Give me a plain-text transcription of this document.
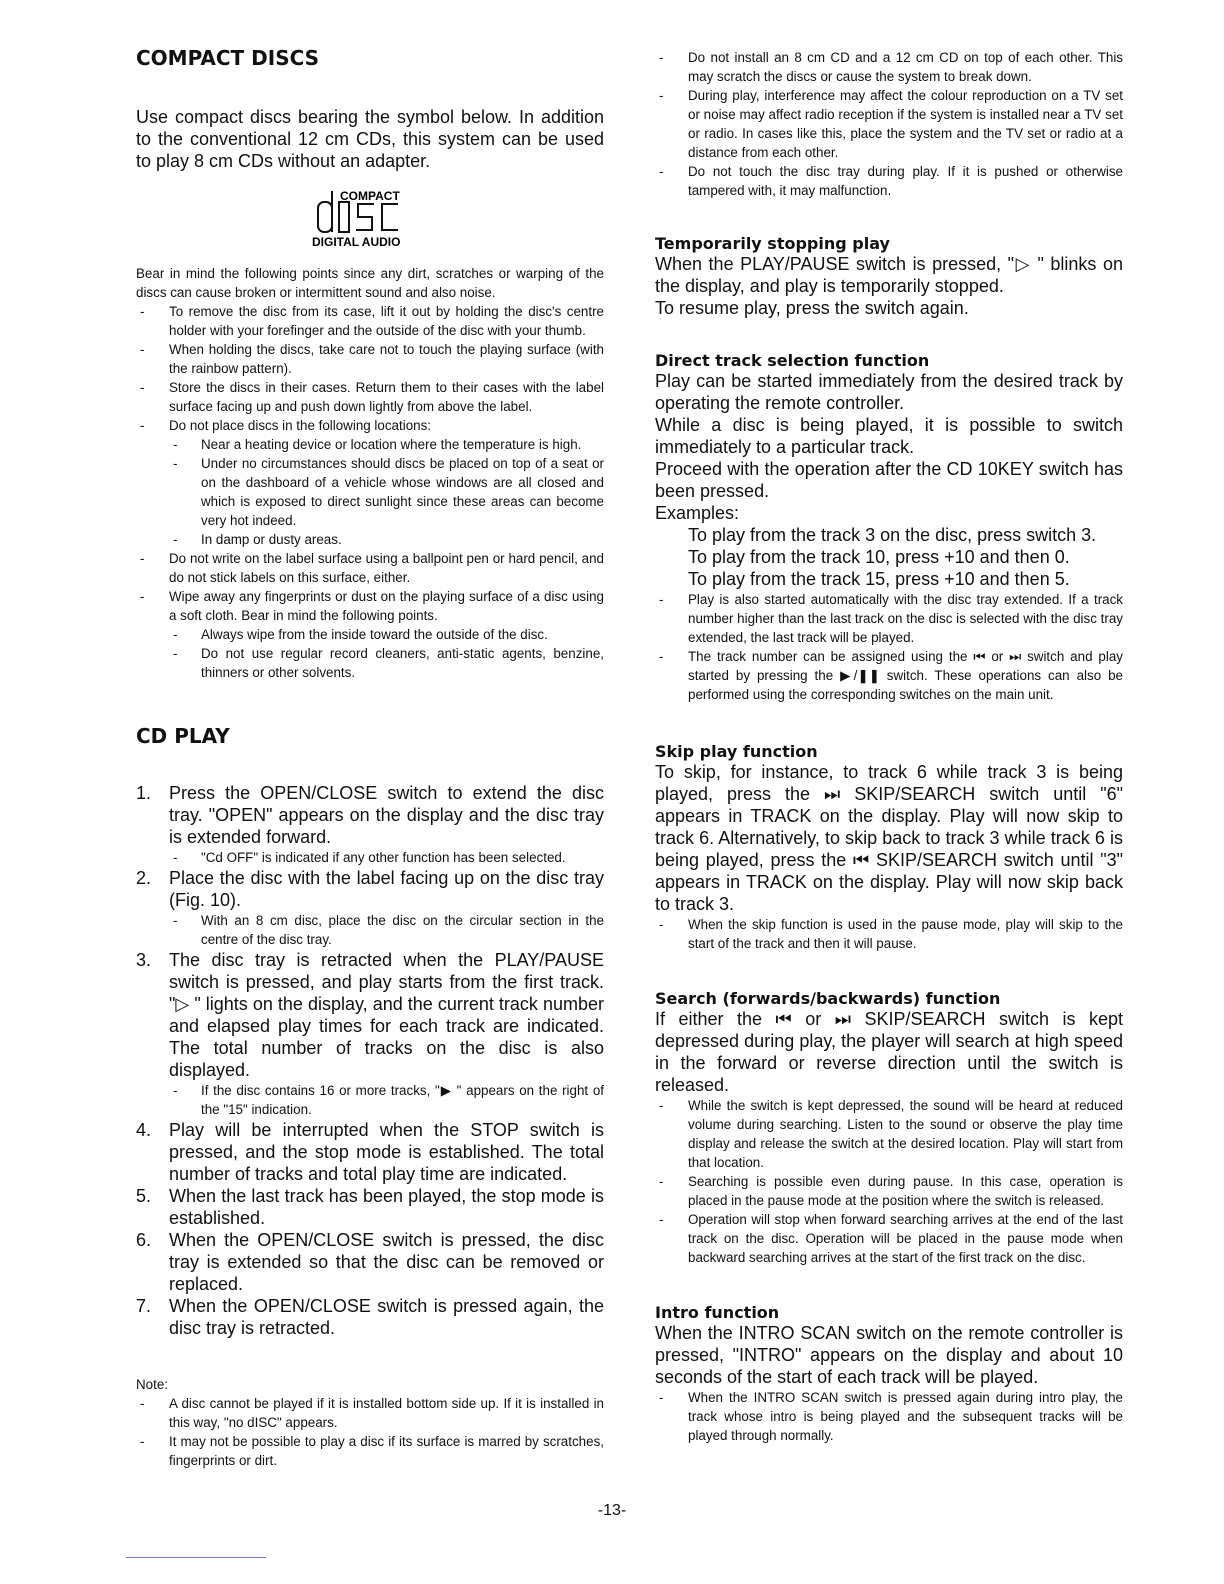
COMPACT DISCS

Use compact discs bearing the symbol below. In addition to the conventional 12 cm CDs, this system can be used to play 8 cm CDs without an adapter.

COMPACT
DIGITAL AUDIO

Bear in mind the following points since any dirt, scratches or warping of the discs can cause broken or intermittent sound and also noise.

- To remove the disc from its case, lift it out by holding the disc's centre holder with your forefinger and the outside of the disc with your thumb.
- When holding the discs, take care not to touch the playing surface (with the rainbow pattern).
- Store the discs in their cases. Return them to their cases with the label surface facing up and push down lightly from above the label.
- Do not place discs in the following locations:
- Near a heating device or location where the temperature is high.
- Under no circumstances should discs be placed on top of a seat or on the dashboard of a vehicle whose windows are all closed and which is exposed to direct sunlight since these areas can become very hot indeed.
- In damp or dusty areas.
- Do not write on the label surface using a ballpoint pen or hard pencil, and do not stick labels on this surface, either.
- Wipe away any fingerprints or dust on the playing surface of a disc using a soft cloth. Bear in mind the following points.
- Always wipe from the inside toward the outside of the disc.
- Do not use regular record cleaners, anti-static agents, benzine, thinners or other solvents.
CD PLAY
1. Press the OPEN/CLOSE switch to extend the disc tray. "OPEN" appears on the display and the disc tray is extended forward.
- "Cd OFF" is indicated if any other function has been selected.
2. Place the disc with the label facing up on the disc tray (Fig. 10).
- With an 8 cm disc, place the disc on the circular section in the centre of the disc tray.
3. The disc tray is retracted when the PLAY/PAUSE switch is pressed, and play starts from the first track. "▷ " lights on the display, and the current track number and elapsed play times for each track are indicated. The total number of tracks on the disc is also displayed.
- If the disc contains 16 or more tracks, "▶ " appears on the right of the "15" indication.
4. Play will be interrupted when the STOP switch is pressed, and the stop mode is established. The total number of tracks and total play time are indicated.
5. When the last track has been played, the stop mode is established.
6. When the OPEN/CLOSE switch is pressed, the disc tray is extended so that the disc can be removed or replaced.
7. When the OPEN/CLOSE switch is pressed again, the disc tray is retracted.

Note:

- A disc cannot be played if it is installed bottom side up. If it is installed in this way, "no dISC" appears.
- It may not be possible to play a disc if its surface is marred by scratches, fingerprints or dirt.
- Do not install an 8 cm CD and a 12 cm CD on top of each other. This may scratch the discs or cause the system to break down.
- During play, interference may affect the colour reproduction on a TV set or noise may affect radio reception if the system is installed near a TV set or radio. In cases like this, place the system and the TV set or radio at a distance from each other.
- Do not touch the disc tray during play. If it is pushed or otherwise tampered with, it may malfunction.
Temporarily stopping play

When the PLAY/PAUSE switch is pressed, "▷ " blinks on the display, and play is temporarily stopped.

To resume play, press the switch again.

Direct track selection function

Play can be started immediately from the desired track by operating the remote controller.

While a disc is being played, it is possible to switch immediately to a particular track.

Proceed with the operation after the CD 10KEY switch has been pressed.

Examples:

To play from the track 3 on the disc, press switch 3.
To play from the track 10, press +10 and then 0.
To play from the track 15, press +10 and then 5.
- Play is also started automatically with the disc tray extended. If a track number higher than the last track on the disc is selected with the disc tray extended, the last track will be played.
- The track number can be assigned using the ⏮ or ⏭ switch and play started by pressing the ▶/❚❚ switch. These operations can also be performed using the corresponding switches on the main unit.
Skip play function

To skip, for instance, to track 6 while track 3 is being played, press the ⏭ SKIP/SEARCH switch until "6" appears in TRACK on the display. Play will now skip to track 6. Alternatively, to skip back to track 3 while track 6 is being played, press the ⏮ SKIP/SEARCH switch until "3" appears in TRACK on the display. Play will now skip back to track 3.

- When the skip function is used in the pause mode, play will skip to the start of the track and then it will pause.
Search (forwards/backwards) function

If either the ⏮ or ⏭ SKIP/SEARCH switch is kept depressed during play, the player will search at high speed in the forward or reverse direction until the switch is released.

- While the switch is kept depressed, the sound will be heard at reduced volume during searching. Listen to the sound or observe the play time display and release the switch at the desired location. Play will start from that location.
- Searching is possible even during pause. In this case, operation is placed in the pause mode at the position where the switch is released.
- Operation will stop when forward searching arrives at the end of the last track on the disc. Operation will be placed in the pause mode when backward searching arrives at the start of the first track on the disc.
Intro function

When the INTRO SCAN switch on the remote controller is pressed, "INTRO" appears on the display and about 10 seconds of the start of each track will be played.

- When the INTRO SCAN switch is pressed again during intro play, the track whose intro is being played and the subsequent tracks will be played through normally.
-13-
